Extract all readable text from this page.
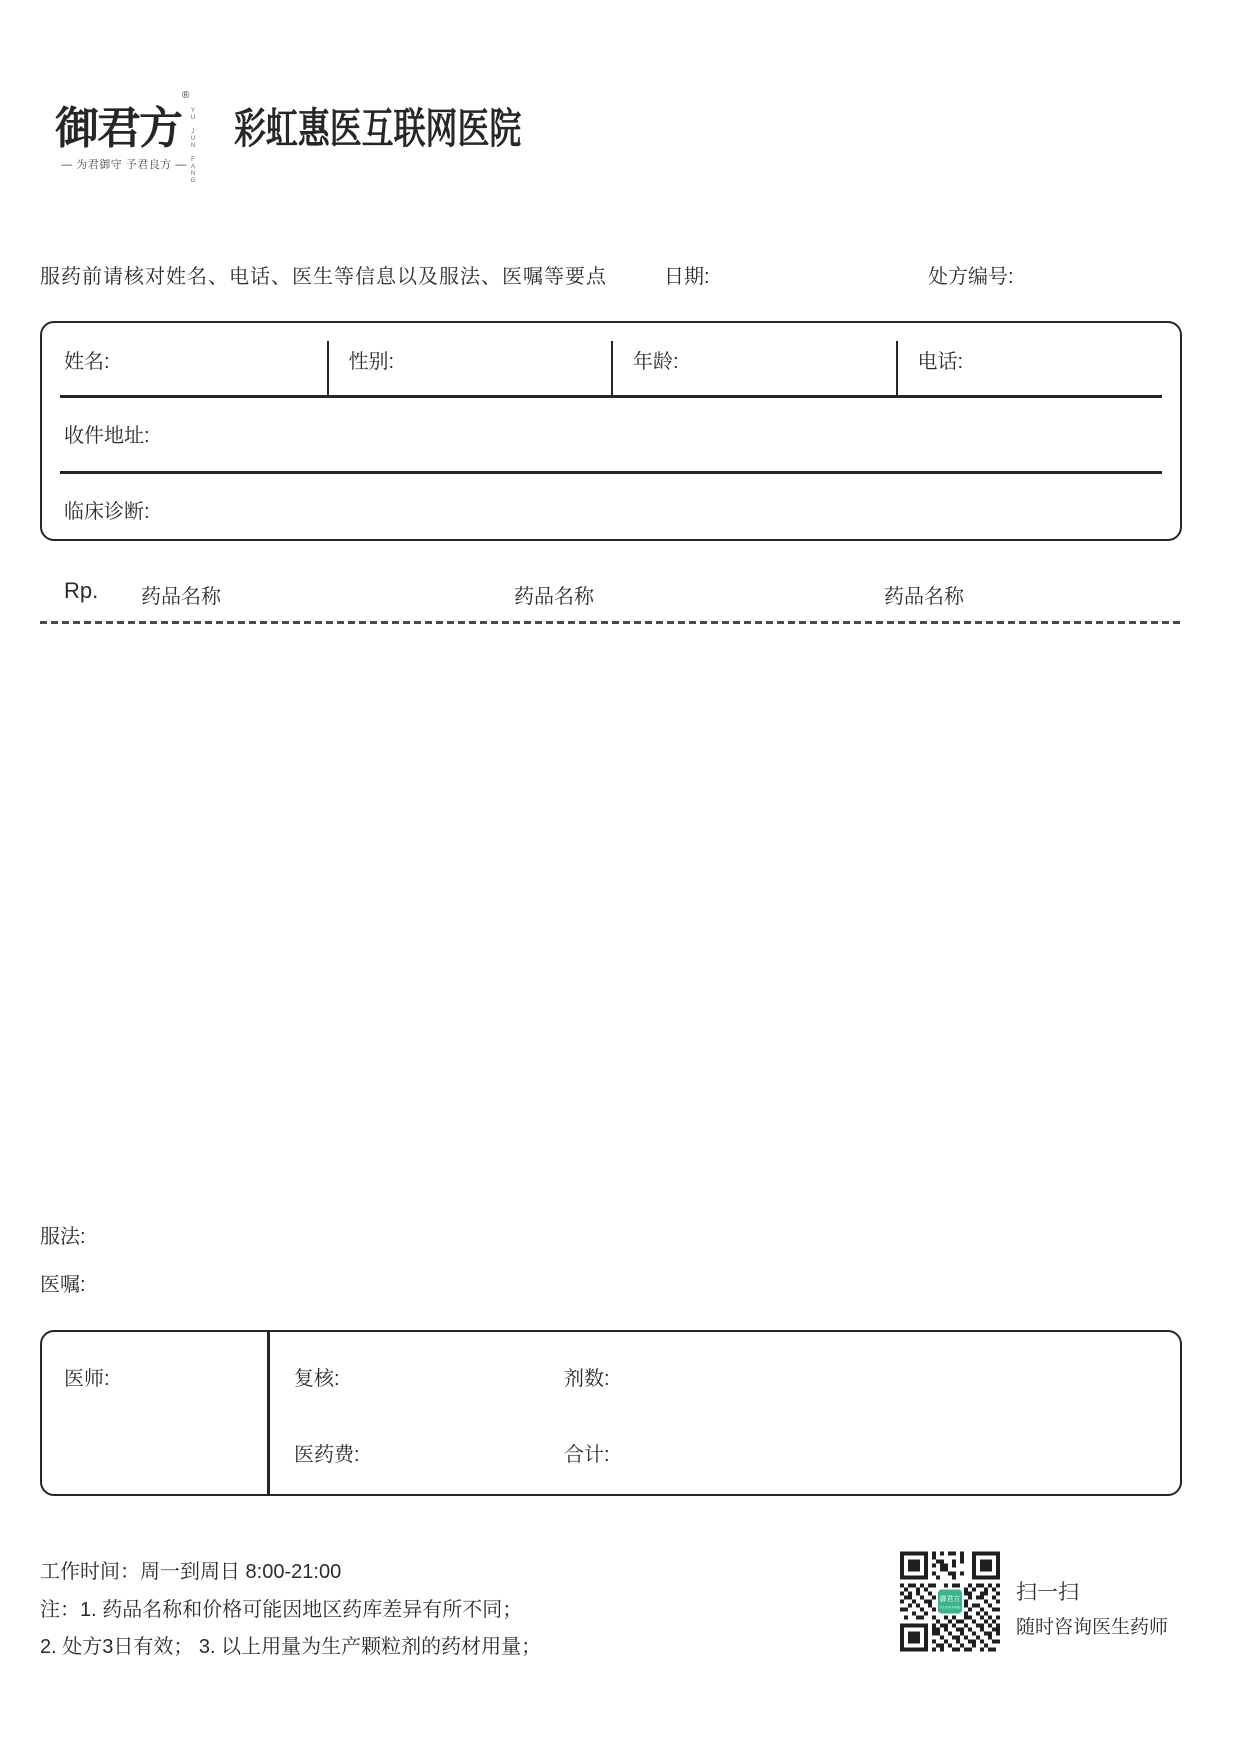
御君方
®
YU JUN FANG
— 为君御守 予君良方 —
彩虹惠医互联网医院
服药前请核对姓名、电话、医生等信息以及服法、医嘱等要点	日期:	处方编号:
姓名:	性别:	年龄:	电话:
收件地址:
临床诊断:
Rp. 药品名称	药品名称	药品名称
服法:
医嘱:
医师:	复核:	剂数:
医药费:	合计:
工作时间：周一到周日 8:00-21:00
注：1. 药品名称和价格可能因地区药库差异有所不同；
2. 处方3日有效； 3. 以上用量为生产颗粒剂的药材用量；
御君方	扫一扫
随时咨询医生药师
